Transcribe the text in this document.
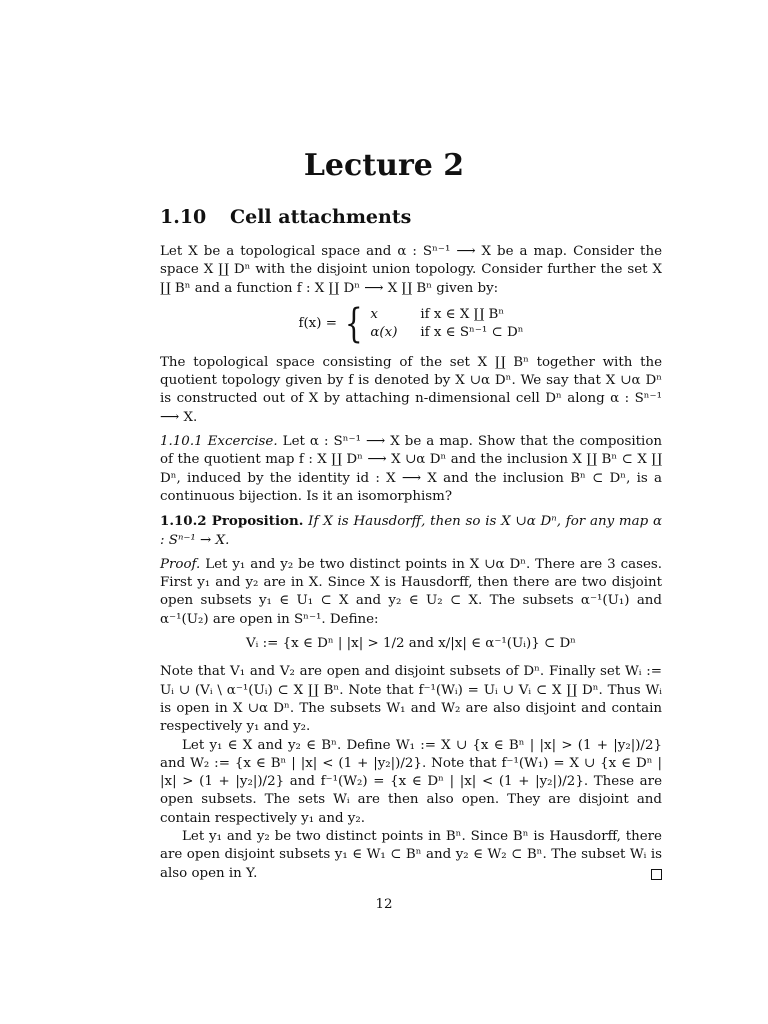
Lecture 2
1.10 Cell attachments

Let X be a topological space and α : Sⁿ⁻¹ ⟶ X be a map. Consider the space X ∐ Dⁿ with the disjoint union topology. Consider further the set X ∐ Bⁿ and a function f : X ∐ Dⁿ ⟶ X ∐ Bⁿ given by:

f(x) = { x	if x ∈ X ∐ Bⁿ
α(x)	if x ∈ Sⁿ⁻¹ ⊂ Dⁿ

The topological space consisting of the set X ∐ Bⁿ together with the quotient topology given by f is denoted by X ∪α Dⁿ. We say that X ∪α Dⁿ is constructed out of X by attaching n-dimensional cell Dⁿ along α : Sⁿ⁻¹ ⟶ X.

1.10.1 Excercise. Let α : Sⁿ⁻¹ ⟶ X be a map. Show that the composition of the quotient map f : X ∐ Dⁿ ⟶ X ∪α Dⁿ and the inclusion X ∐ Bⁿ ⊂ X ∐ Dⁿ, induced by the identity id : X ⟶ X and the inclusion Bⁿ ⊂ Dⁿ, is a continuous bijection. Is it an isomorphism?

1.10.2 Proposition. If X is Hausdorff, then so is X ∪α Dⁿ, for any map α : Sⁿ⁻¹ → X.

Proof. Let y₁ and y₂ be two distinct points in X ∪α Dⁿ. There are 3 cases. First y₁ and y₂ are in X. Since X is Hausdorff, then there are two disjoint open subsets y₁ ∈ U₁ ⊂ X and y₂ ∈ U₂ ⊂ X. The subsets α⁻¹(U₁) and α⁻¹(U₂) are open in Sⁿ⁻¹. Define:

Vᵢ := {x ∈ Dⁿ | |x| > 1/2 and x/|x| ∈ α⁻¹(Uᵢ)} ⊂ Dⁿ

Note that V₁ and V₂ are open and disjoint subsets of Dⁿ. Finally set Wᵢ := Uᵢ ∪ (Vᵢ \ α⁻¹(Uᵢ) ⊂ X ∐ Bⁿ. Note that f⁻¹(Wᵢ) = Uᵢ ∪ Vᵢ ⊂ X ∐ Dⁿ. Thus Wᵢ is open in X ∪α Dⁿ. The subsets W₁ and W₂ are also disjoint and contain respectively y₁ and y₂.

Let y₁ ∈ X and y₂ ∈ Bⁿ. Define W₁ := X ∪ {x ∈ Bⁿ | |x| > (1 + |y₂|)/2} and W₂ := {x ∈ Bⁿ | |x| < (1 + |y₂|)/2}. Note that f⁻¹(W₁) = X ∪ {x ∈ Dⁿ | |x| > (1 + |y₂|)/2} and f⁻¹(W₂) = {x ∈ Dⁿ | |x| < (1 + |y₂|)/2}. These are open subsets. The sets Wᵢ are then also open. They are disjoint and contain respectively y₁ and y₂.

Let y₁ and y₂ be two distinct points in Bⁿ. Since Bⁿ is Hausdorff, there are open disjoint subsets y₁ ∈ W₁ ⊂ Bⁿ and y₂ ∈ W₂ ⊂ Bⁿ. The subset Wᵢ is also open in Y.

12
